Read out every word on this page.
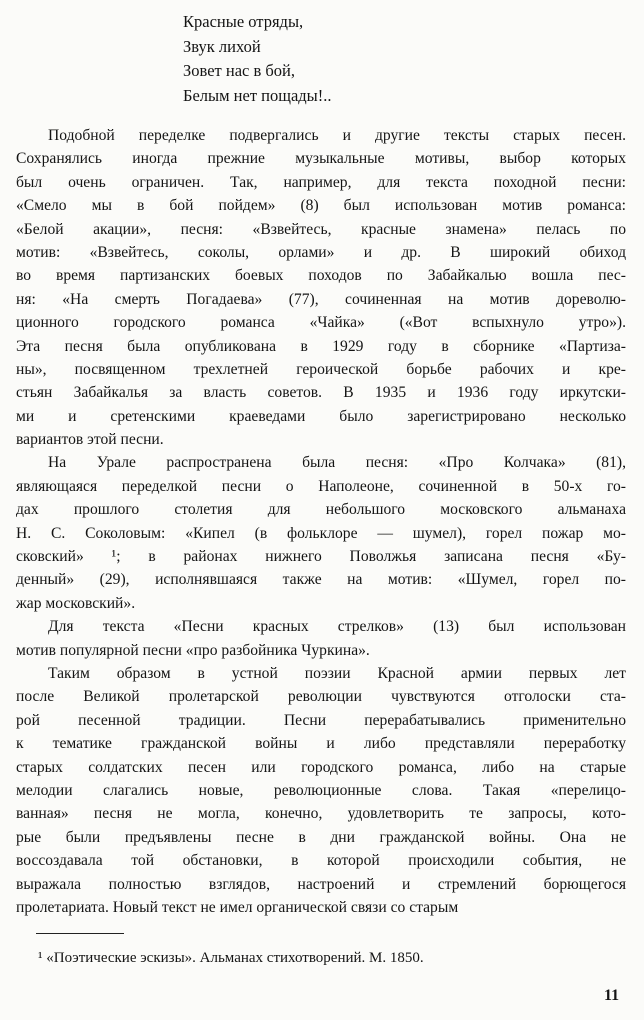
Красные отряды,
Звук лихой
Зовет нас в бой,
Белым нет пощады!..
Подобной переделке подвергались и другие тексты старых песен.
Сохранялись иногда прежние музыкальные мотивы, выбор которых
был очень ограничен. Так, например, для текста походной песни:
«Смело мы в бой пойдем» (8) был использован мотив романса:
«Белой акации», песня: «Взвейтесь, красные знамена» пелась по
мотив: «Взвейтесь, соколы, орлами» и др. В широкий обиход
во время партизанских боевых походов по Забайкалью вошла пес-
ня: «На смерть Погадаева» (77), сочиненная на мотив дореволю-
ционного городского романса «Чайка» («Вот вспыхнуло утро»).
Эта песня была опубликована в 1929 году в сборнике «Партиза-
ны», посвященном трехлетней героической борьбе рабочих и кре-
стьян Забайкалья за власть советов. В 1935 и 1936 году иркутски-
ми и сретенскими краеведами было зарегистрировано несколько
вариантов этой песни.
На Урале распространена была песня: «Про Колчака» (81),
являющаяся переделкой песни о Наполеоне, сочиненной в 50-х го-
дах прошлого столетия для небольшого московского альманаха
Н. С. Соколовым: «Кипел (в фольклоре — шумел), горел пожар мо-
сковский» ¹; в районах нижнего Поволжья записана песня «Бу-
денный» (29), исполнявшаяся также на мотив: «Шумел, горел по-
жар московский».
Для текста «Песни красных стрелков» (13) был использован
мотив популярной песни «про разбойника Чуркина».
Таким образом в устной поэзии Красной армии первых лет
после Великой пролетарской революции чувствуются отголоски ста-
рой песенной традиции. Песни перерабатывались применительно
к тематике гражданской войны и либо представляли переработку
старых солдатских песен или городского романса, либо на старые
мелодии слагались новые, революционные слова. Такая «перелицо-
ванная» песня не могла, конечно, удовлетворить те запросы, кото-
рые были предъявлены песне в дни гражданской войны. Она не
воссоздавала той обстановки, в которой происходили события, не
выражала полностью взглядов, настроений и стремлений борющегося
пролетариата. Новый текст не имел органической связи со старым
¹ «Поэтические эскизы». Альманах стихотворений. М. 1850.
11
